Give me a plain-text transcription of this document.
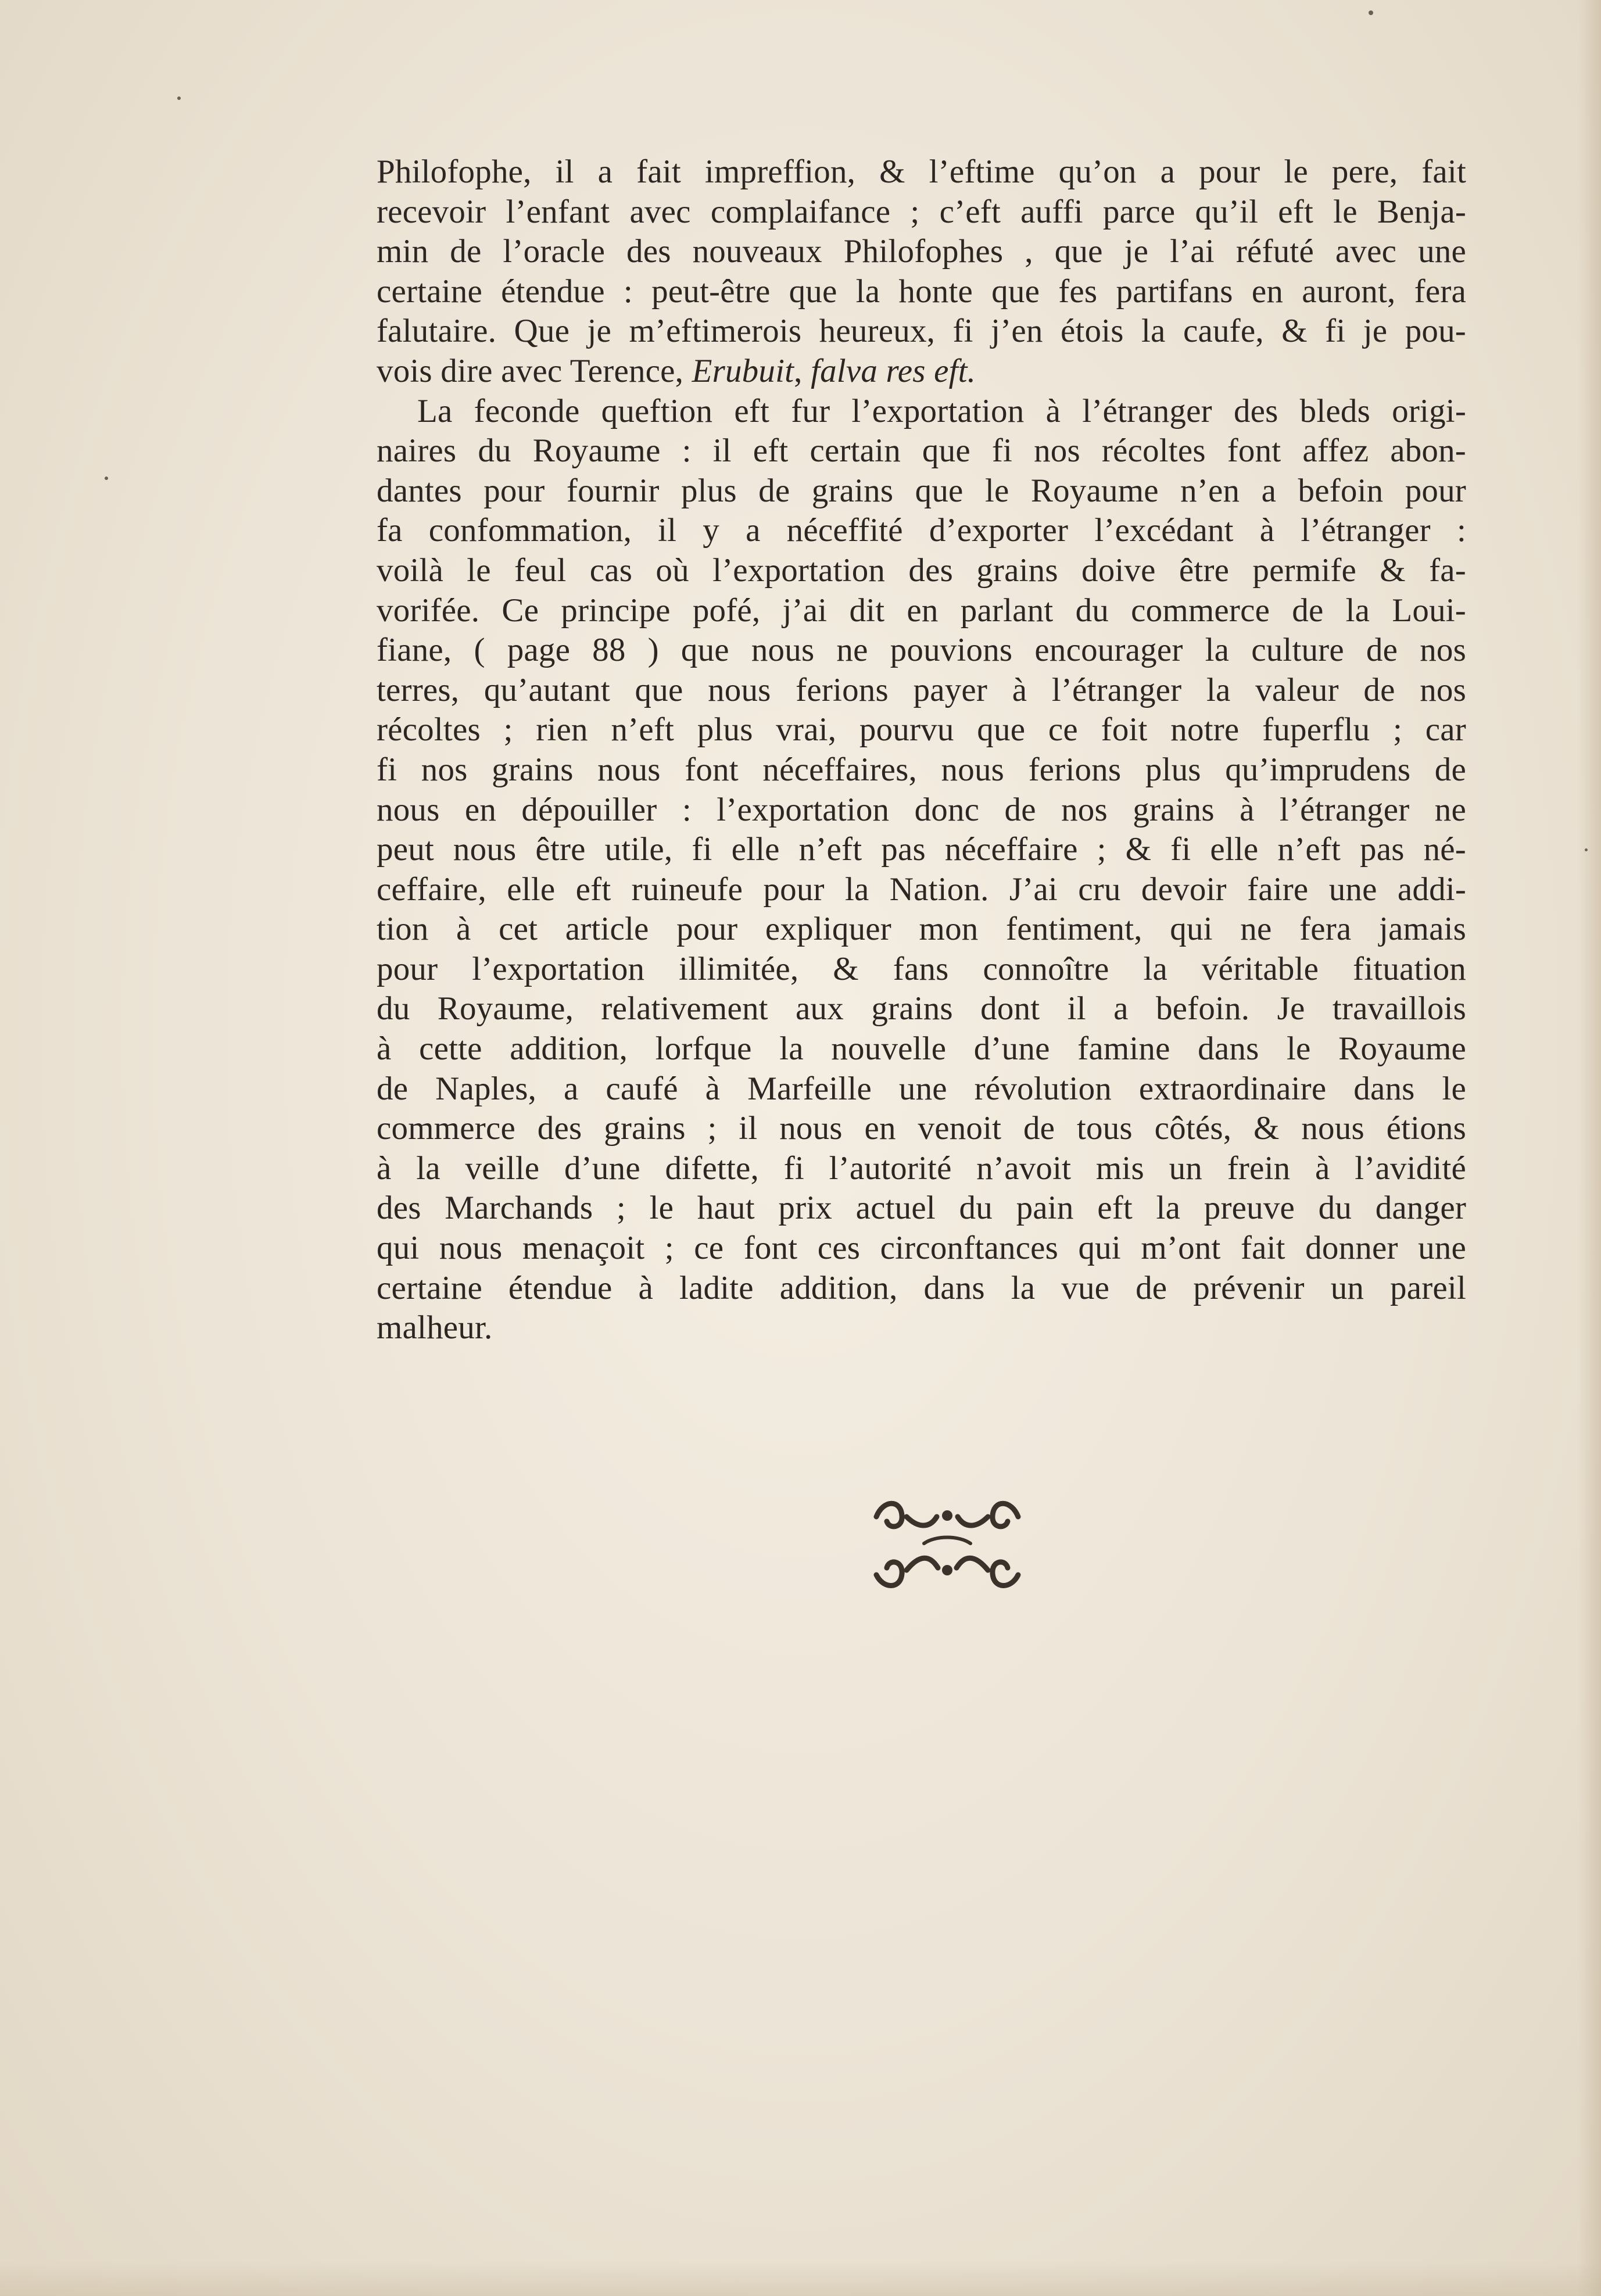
Philofophe, il a fait impreffion, & l’eftime qu’on a pour le pere, fait
recevoir l’enfant avec complaifance ; c’eft auffi parce qu’il eft le Benja-
min de l’oracle des nouveaux Philofophes , que je l’ai réfuté avec une
certaine étendue : peut-être que la honte que fes partifans en auront, fera
falutaire. Que je m’eftimerois heureux, fi j’en étois la caufe, & fi je pou-
vois dire avec Terence, Erubuit, falva res eft.
La feconde queftion eft fur l’exportation à l’étranger des bleds origi-
naires du Royaume : il eft certain que fi nos récoltes font affez abon-
dantes pour fournir plus de grains que le Royaume n’en a befoin pour
fa confommation, il y a néceffité d’exporter l’excédant à l’étranger :
voilà le feul cas où l’exportation des grains doive être permife & fa-
vorifée. Ce principe pofé, j’ai dit en parlant du commerce de la Loui-
fiane, ( page 88 ) que nous ne pouvions encourager la culture de nos
terres, qu’autant que nous ferions payer à l’étranger la valeur de nos
récoltes ; rien n’eft plus vrai, pourvu que ce foit notre fuperflu ; car
fi nos grains nous font néceffaires, nous ferions plus qu’imprudens de
nous en dépouiller : l’exportation donc de nos grains à l’étranger ne
peut nous être utile, fi elle n’eft pas néceffaire ; & fi elle n’eft pas né-
ceffaire, elle eft ruineufe pour la Nation. J’ai cru devoir faire une addi-
tion à cet article pour expliquer mon fentiment, qui ne fera jamais
pour l’exportation illimitée, & fans connoître la véritable fituation
du Royaume, relativement aux grains dont il a befoin. Je travaillois
à cette addition, lorfque la nouvelle d’une famine dans le Royaume
de Naples, a caufé à Marfeille une révolution extraordinaire dans le
commerce des grains ; il nous en venoit de tous côtés, & nous étions
à la veille d’une difette, fi l’autorité n’avoit mis un frein à l’avidité
des Marchands ; le haut prix actuel du pain eft la preuve du danger
qui nous menaçoit ; ce font ces circonftances qui m’ont fait donner une
certaine étendue à ladite addition, dans la vue de prévenir un pareil
malheur.
